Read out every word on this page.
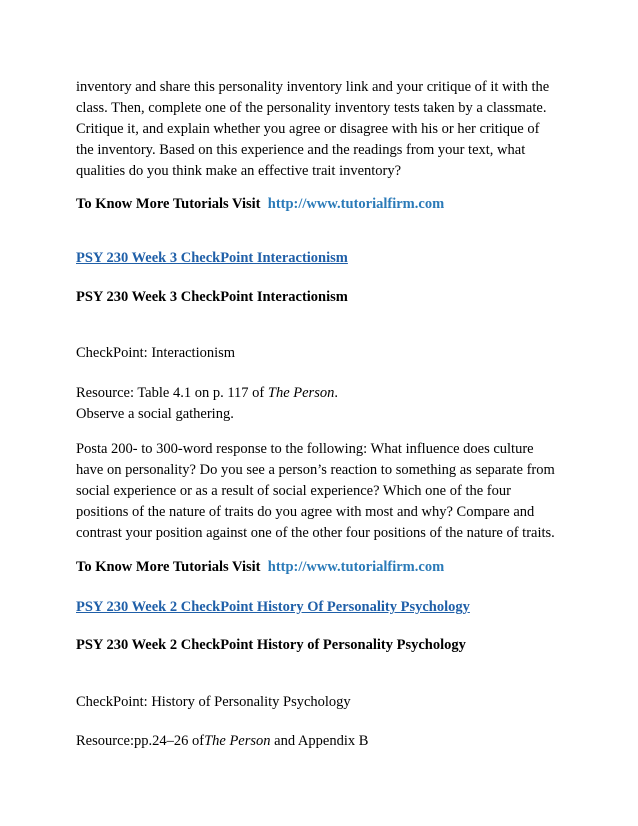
inventory and share this personality inventory link and your critique of it with the
class. Then, complete one of the personality inventory tests taken by a classmate.
Critique it, and explain whether you agree or disagree with his or her critique of
the inventory. Based on this experience and the readings from your text, what
qualities do you think make an effective trait inventory?

To Know More Tutorials Visit http://www.tutorialfirm.com

PSY 230 Week 3 CheckPoint Interactionism

PSY 230 Week 3 CheckPoint Interactionism

CheckPoint: Interactionism

Resource: Table 4.1 on p. 117 of The Person.
Observe a social gathering.

Posta 200- to 300-word response to the following: What influence does culture
have on personality? Do you see a person’s reaction to something as separate from
social experience or as a result of social experience? Which one of the four
positions of the nature of traits do you agree with most and why? Compare and
contrast your position against one of the other four positions of the nature of traits.

To Know More Tutorials Visit http://www.tutorialfirm.com

PSY 230 Week 2 CheckPoint History Of Personality Psychology

PSY 230 Week 2 CheckPoint History of Personality Psychology

CheckPoint: History of Personality Psychology

Resource:pp.24–26 ofThe Person and Appendix B
